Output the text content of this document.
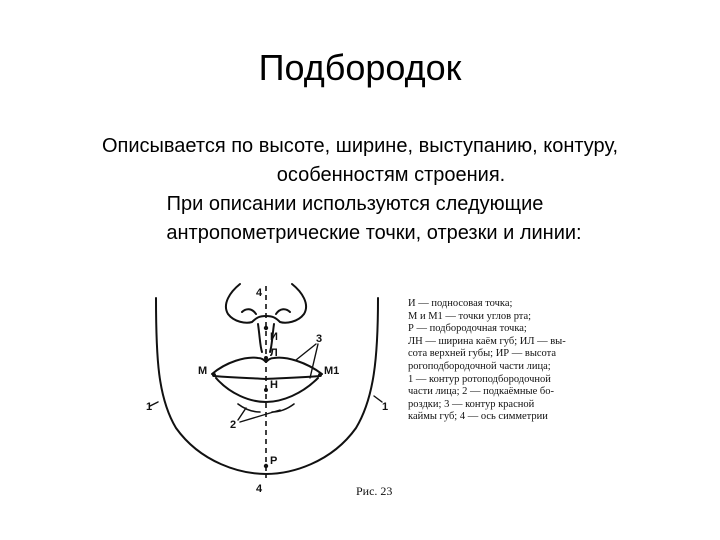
Подбородок
Описывается по высоте, ширине, выступанию, контуру,
особенностям строения.
При описании используются следующие
антропометрические точки, отрезки и линии:
4
4
И
Л
Н
Р
М	М1
1	1
2
3
И — подносовая точка;
М и М1 — точки углов рта;
Р — подбородочная точка;
ЛН — ширина каём губ; ИЛ — вы-
сота верхней губы; ИР — высота
рогоподбородочной части лица;
1 — контур ротоподбородочной
части лица; 2 — подкаёмные бо-
роздки; 3 — контур красной
каймы губ; 4 — ось симметрии
Рис. 23
